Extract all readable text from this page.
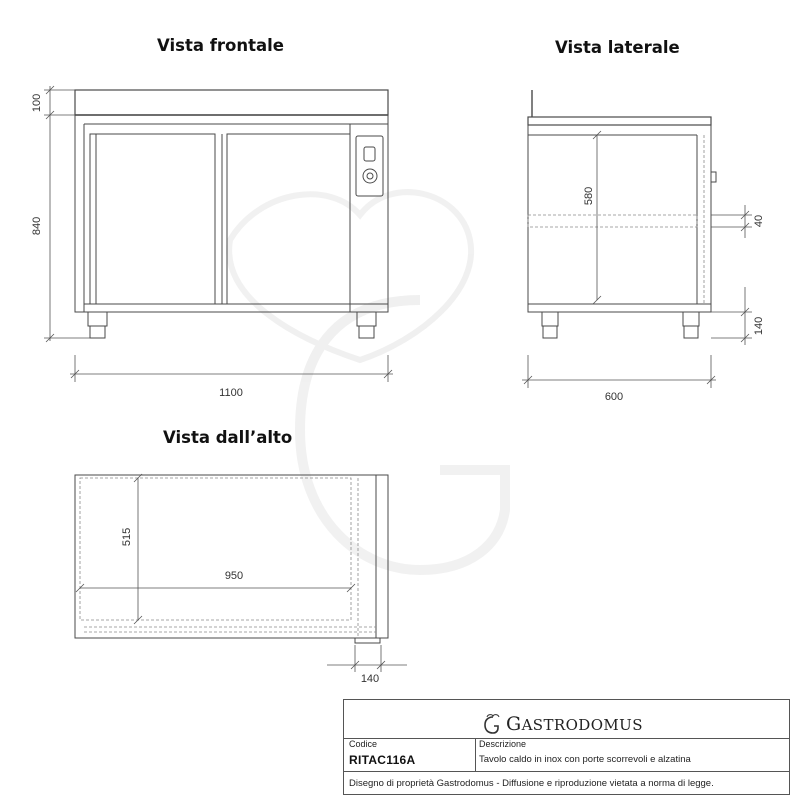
Vista frontale	Vista laterale
Vista dall’alto
100
840
1100
580
40
140
600
515
950
140
GASTRODOMUS
Codice
RITAC116A
Descrizione
Tavolo caldo in inox con porte scorrevoli e alzatina
Disegno di proprietà Gastrodomus - Diffusione e riproduzione vietata a norma di legge.
